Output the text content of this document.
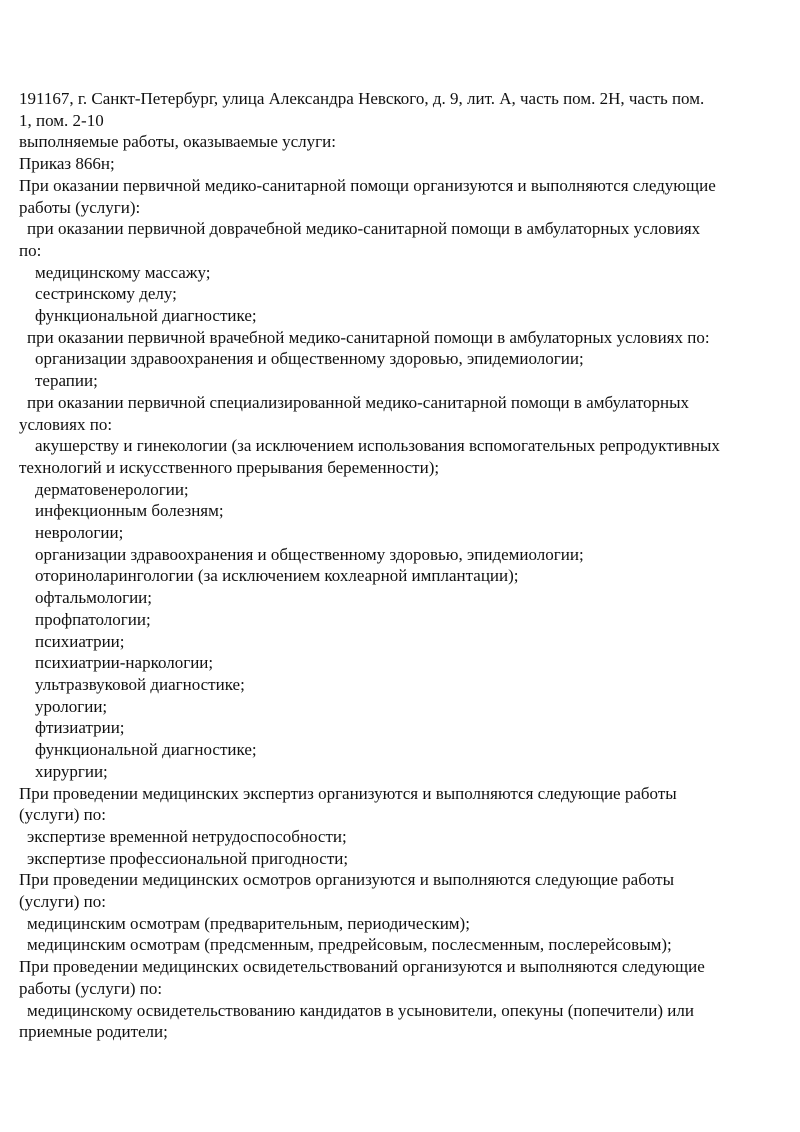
191167, г. Санкт-Петербург, улица Александра Невского, д. 9, лит. А, часть пом. 2Н, часть пом.
1, пом. 2-10
выполняемые работы, оказываемые услуги:
Приказ 866н;
При оказании первичной медико-санитарной помощи организуются и выполняются следующие
работы (услуги):
при оказании первичной доврачебной медико-санитарной помощи в амбулаторных условиях
по:
медицинскому массажу;
сестринскому делу;
функциональной диагностике;
при оказании первичной врачебной медико-санитарной помощи в амбулаторных условиях по:
организации здравоохранения и общественному здоровью, эпидемиологии;
терапии;
при оказании первичной специализированной медико-санитарной помощи в амбулаторных
условиях по:
акушерству и гинекологии (за исключением использования вспомогательных репродуктивных
технологий и искусственного прерывания беременности);
дерматовенерологии;
инфекционным болезням;
неврологии;
организации здравоохранения и общественному здоровью, эпидемиологии;
оториноларингологии (за исключением кохлеарной имплантации);
офтальмологии;
профпатологии;
психиатрии;
психиатрии-наркологии;
ультразвуковой диагностике;
урологии;
фтизиатрии;
функциональной диагностике;
хирургии;
При проведении медицинских экспертиз организуются и выполняются следующие работы
(услуги) по:
экспертизе временной нетрудоспособности;
экспертизе профессиональной пригодности;
При проведении медицинских осмотров организуются и выполняются следующие работы
(услуги) по:
медицинским осмотрам (предварительным, периодическим);
медицинским осмотрам (предсменным, предрейсовым, послесменным, послерейсовым);
При проведении медицинских освидетельствований организуются и выполняются следующие
работы (услуги) по:
медицинскому освидетельствованию кандидатов в усыновители, опекуны (попечители) или
приемные родители;
